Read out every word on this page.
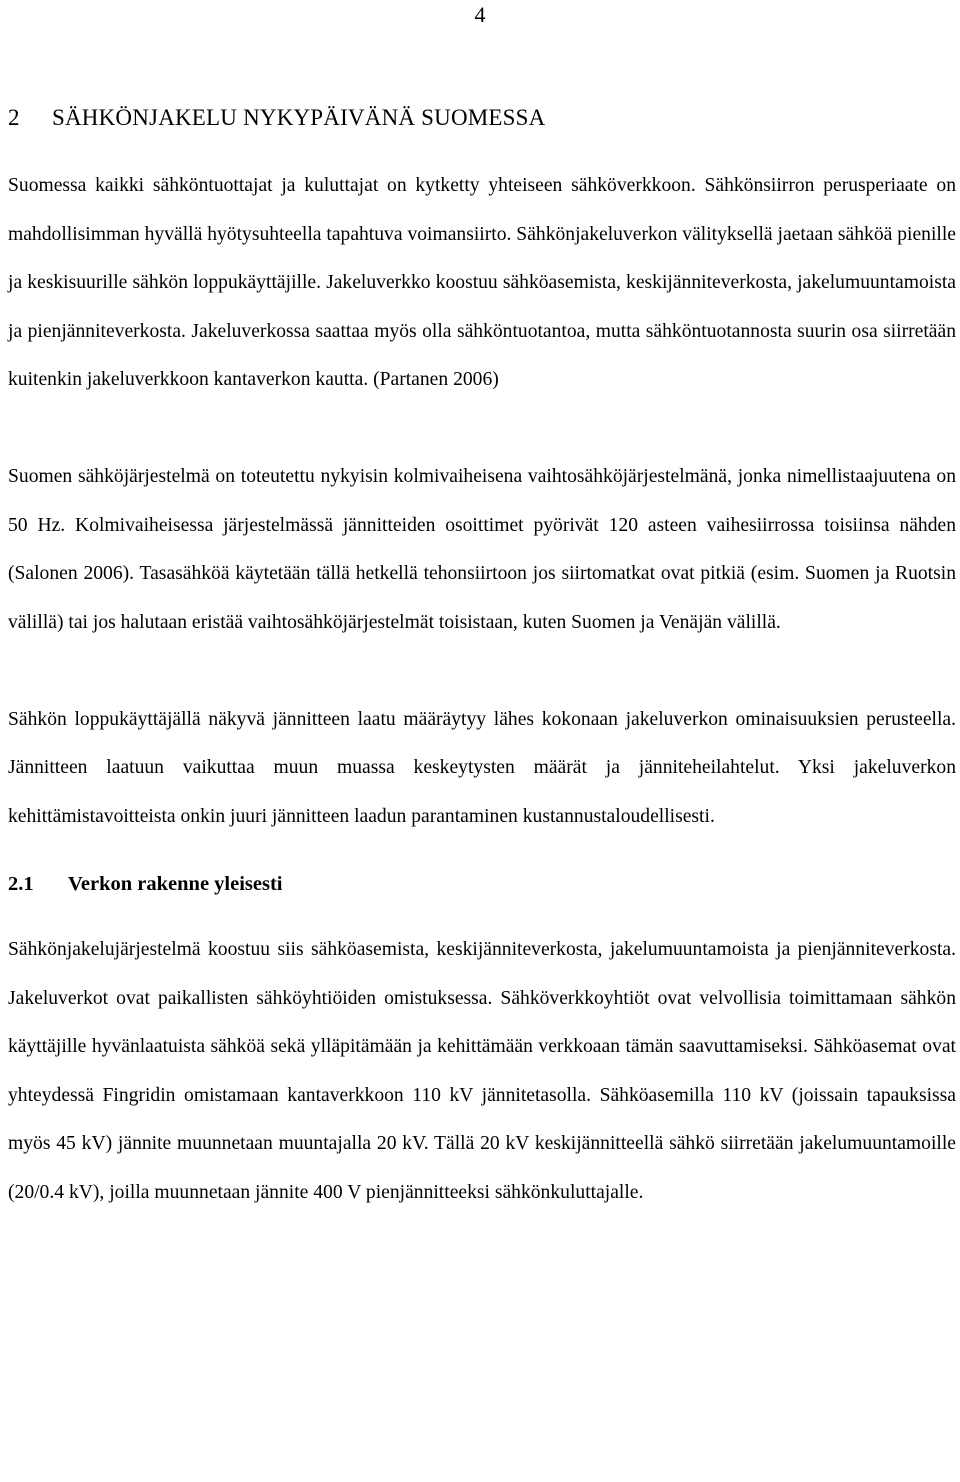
4
2 SÄHKÖNJAKELU NYKYPÄIVÄNÄ SUOMESSA

Suomessa kaikki sähköntuottajat ja kuluttajat on kytketty yhteiseen sähköverkkoon. Sähkönsiirron perusperiaate on mahdollisimman hyvällä hyötysuhteella tapahtuva voimansiirto. Sähkönjakeluverkon välityksellä jaetaan sähköä pienille ja keskisuurille sähkön loppukäyttäjille. Jakeluverkko koostuu sähköasemista, keskijänniteverkosta, jakelumuuntamoista ja pienjänniteverkosta. Jakeluverkossa saattaa myös olla sähköntuotantoa, mutta sähköntuotannosta suurin osa siirretään kuitenkin jakeluverkkoon kantaverkon kautta. (Partanen 2006)

Suomen sähköjärjestelmä on toteutettu nykyisin kolmivaiheisena vaihtosähköjärjestelmänä, jonka nimellistaajuutena on 50 Hz. Kolmivaiheisessa järjestelmässä jännitteiden osoittimet pyörivät 120 asteen vaihesiirrossa toisiinsa nähden (Salonen 2006). Tasasähköä käytetään tällä hetkellä tehonsiirtoon jos siirtomatkat ovat pitkiä (esim. Suomen ja Ruotsin välillä) tai jos halutaan eristää vaihtosähköjärjestelmät toisistaan, kuten Suomen ja Venäjän välillä.

Sähkön loppukäyttäjällä näkyvä jännitteen laatu määräytyy lähes kokonaan jakeluverkon ominaisuuksien perusteella. Jännitteen laatuun vaikuttaa muun muassa keskeytysten määrät ja jänniteheilahtelut. Yksi jakeluverkon kehittämistavoitteista onkin juuri jännitteen laadun parantaminen kustannustaloudellisesti.

2.1 Verkon rakenne yleisesti

Sähkönjakelujärjestelmä koostuu siis sähköasemista, keskijänniteverkosta, jakelumuuntamoista ja pienjänniteverkosta. Jakeluverkot ovat paikallisten sähköyhtiöiden omistuksessa. Sähköverkkoyhtiöt ovat velvollisia toimittamaan sähkön käyttäjille hyvänlaatuista sähköä sekä ylläpitämään ja kehittämään verkkoaan tämän saavuttamiseksi. Sähköasemat ovat yhteydessä Fingridin omistamaan kantaverkkoon 110 kV jännitetasolla. Sähköasemilla 110 kV (joissain tapauksissa myös 45 kV) jännite muunnetaan muuntajalla 20 kV. Tällä 20 kV keskijännitteellä sähkö siirretään jakelumuuntamoille (20/0.4 kV), joilla muunnetaan jännite 400 V pienjännitteeksi sähkönkuluttajalle.
